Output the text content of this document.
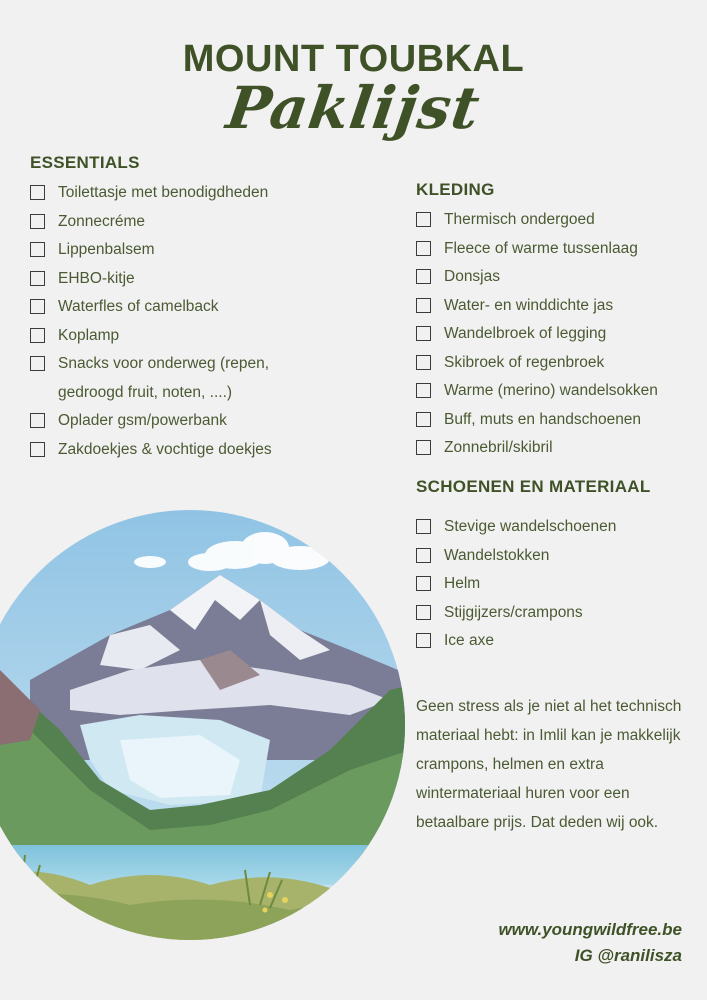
MOUNT TOUBKAL
Paklijst
ESSENTIALS
Toilettasje met benodigdheden
Zonnecréme
Lippenbalsem
EHBO-kitje
Waterfles of camelback
Koplamp
Snacks voor onderweg (repen,
gedroogd fruit, noten, ....)
Oplader gsm/powerbank
Zakdoekjes & vochtige doekjes
KLEDING
Thermisch ondergoed
Fleece of warme tussenlaag
Donsjas
Water- en winddichte jas
Wandelbroek of legging
Skibroek of regenbroek
Warme (merino) wandelsokken
Buff, muts en handschoenen
Zonnebril/skibril
SCHOENEN EN MATERIAAL
Stevige wandelschoenen
Wandelstokken
Helm
Stijgijzers/crampons
Ice axe
Geen stress als je niet al het technisch materiaal hebt: in Imlil kan je makkelijk crampons, helmen en extra wintermateriaal huren voor een betaalbare prijs. Dat deden wij ook.
www.youngwildfree.be
IG @ranilisza
